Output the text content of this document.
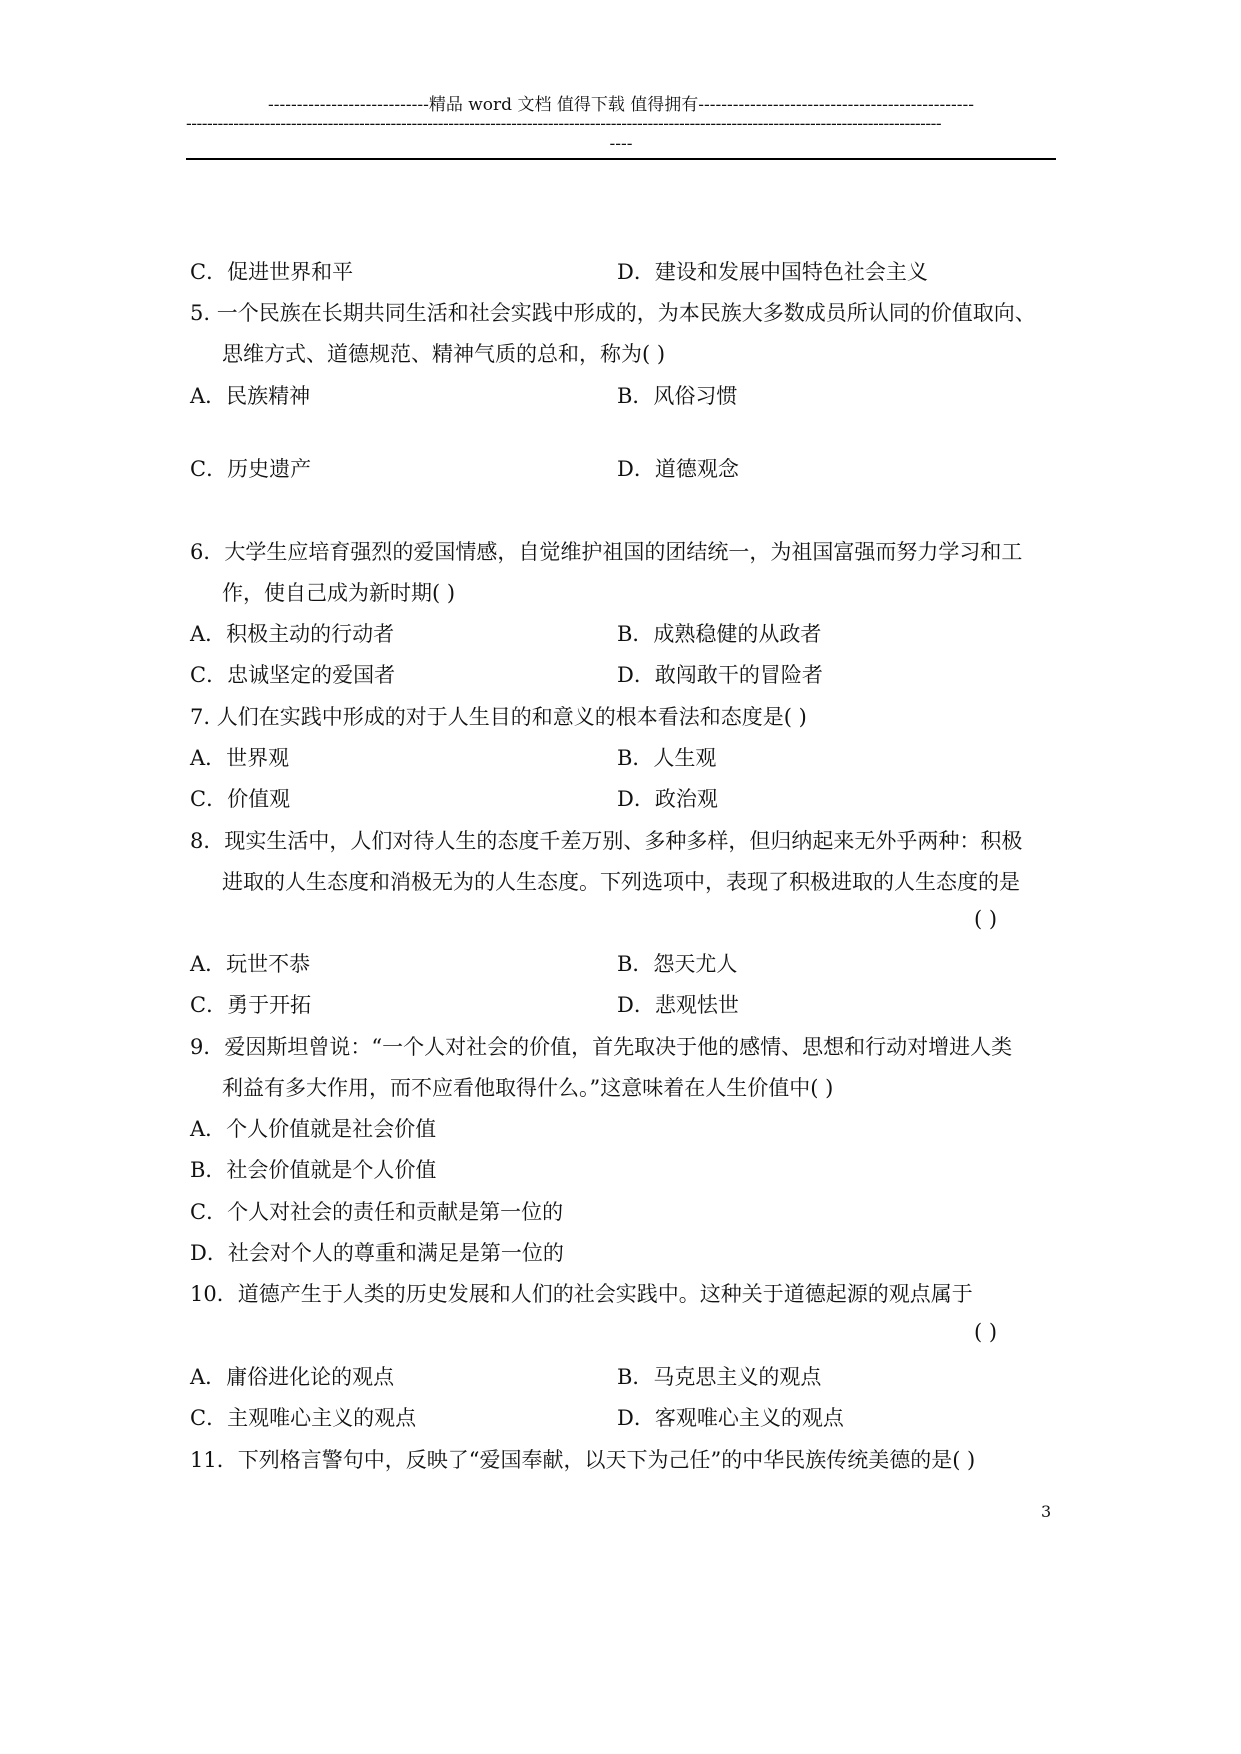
----------------------------精品 word 文档 值得下载 值得拥有------------------------------------------------
------------------------------------------------------------------------------------------------------------------------------------------------
----
C．促进世界和平	D．建设和发展中国特色社会主义
5. 一个民族在长期共同生活和社会实践中形成的，为本民族大多数成员所认同的价值取向、
思维方式、道德规范、精神气质的总和，称为( )
A．民族精神	B．风俗习惯
C．历史遗产	D．道德观念
6．大学生应培育强烈的爱国情感，自觉维护祖国的团结统一，为祖国富强而努力学习和工
作，使自己成为新时期( )
A．积极主动的行动者	B．成熟稳健的从政者
C．忠诚坚定的爱国者	D．敢闯敢干的冒险者
7. 人们在实践中形成的对于人生目的和意义的根本看法和态度是( )
A．世界观	B．人生观
C．价值观	D．政治观
8．现实生活中，人们对待人生的态度千差万别、多种多样，但归纳起来无外乎两种：积极
进取的人生态度和消极无为的人生态度。下列选项中，表现了积极进取的人生态度的是
( )
A．玩世不恭	B．怨天尤人
C．勇于开拓	D．悲观怯世
9．爱因斯坦曾说：“一个人对社会的价值，首先取决于他的感情、思想和行动对增进人类
利益有多大作用，而不应看他取得什么。”这意味着在人生价值中( )
A．个人价值就是社会价值
B．社会价值就是个人价值
C．个人对社会的责任和贡献是第一位的
D．社会对个人的尊重和满足是第一位的
10．道德产生于人类的历史发展和人们的社会实践中。这种关于道德起源的观点属于
( )
A．庸俗进化论的观点	B．马克思主义的观点
C．主观唯心主义的观点	D．客观唯心主义的观点
11．下列格言警句中，反映了“爱国奉献，以天下为己任”的中华民族传统美德的是( )
3
